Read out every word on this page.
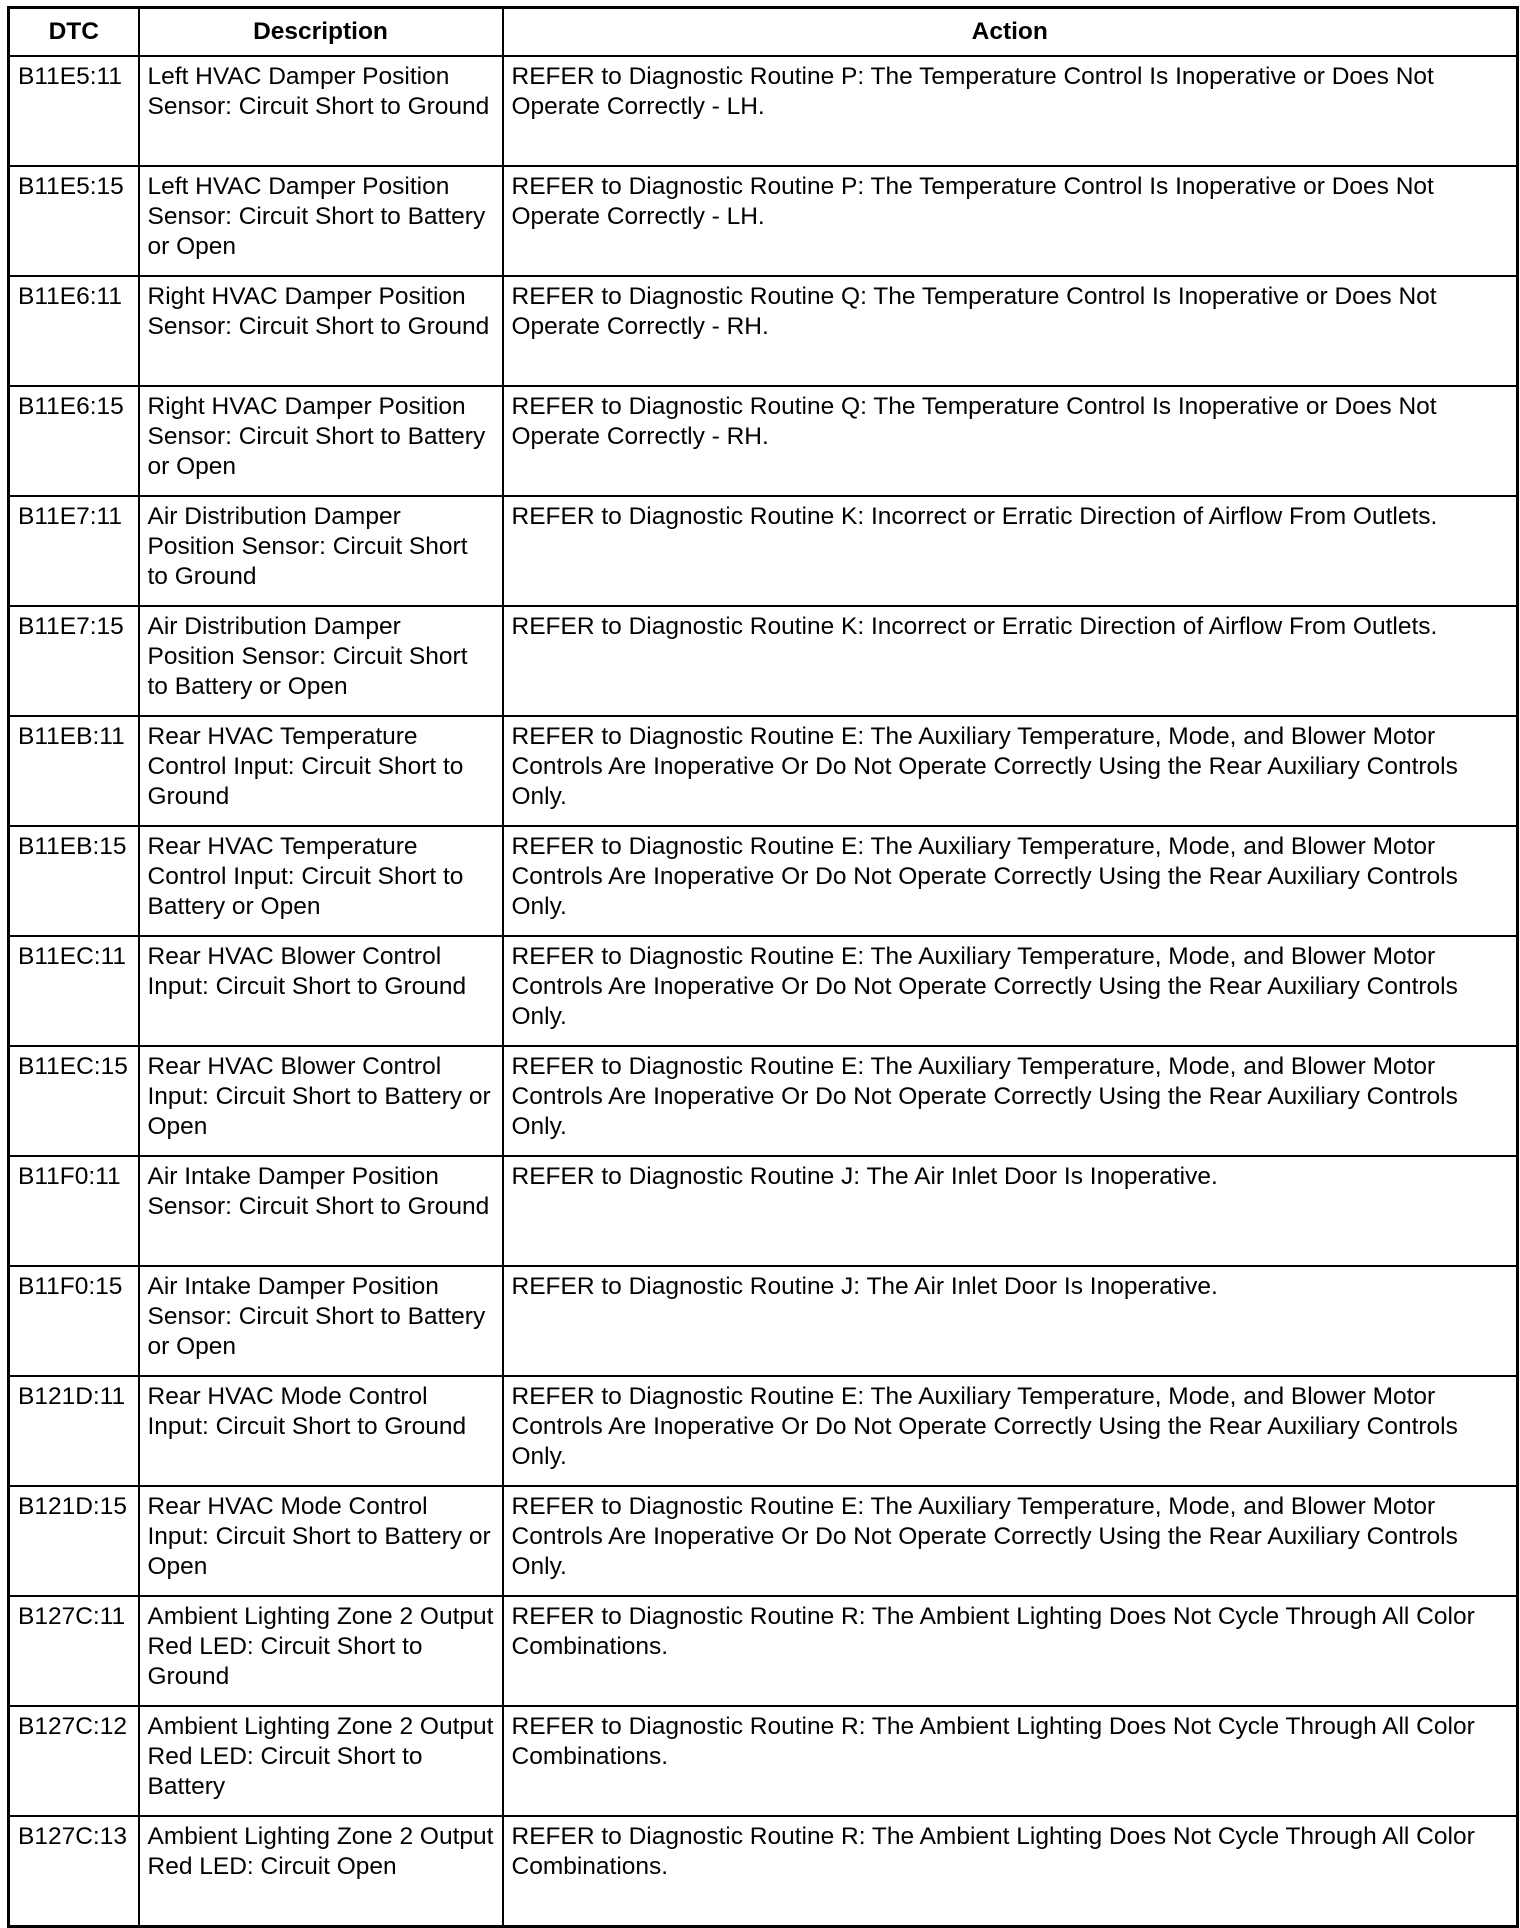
DTC	Description	Action
B11E5:11	Left HVAC Damper Position Sensor: Circuit Short to Ground	REFER to Diagnostic Routine P: The Temperature Control Is Inoperative or Does Not Operate Correctly - LH.
B11E5:15	Left HVAC Damper Position Sensor: Circuit Short to Battery or Open	REFER to Diagnostic Routine P: The Temperature Control Is Inoperative or Does Not Operate Correctly - LH.
B11E6:11	Right HVAC Damper Position Sensor: Circuit Short to Ground	REFER to Diagnostic Routine Q: The Temperature Control Is Inoperative or Does Not Operate Correctly - RH.
B11E6:15	Right HVAC Damper Position Sensor: Circuit Short to Battery or Open	REFER to Diagnostic Routine Q: The Temperature Control Is Inoperative or Does Not Operate Correctly - RH.
B11E7:11	Air Distribution Damper Position Sensor: Circuit Short to Ground	REFER to Diagnostic Routine K: Incorrect or Erratic Direction of Airflow From Outlets.
B11E7:15	Air Distribution Damper Position Sensor: Circuit Short to Battery or Open	REFER to Diagnostic Routine K: Incorrect or Erratic Direction of Airflow From Outlets.
B11EB:11	Rear HVAC Temperature Control Input: Circuit Short to Ground	REFER to Diagnostic Routine E: The Auxiliary Temperature, Mode, and Blower Motor Controls Are Inoperative Or Do Not Operate Correctly Using the Rear Auxiliary Controls Only.
B11EB:15	Rear HVAC Temperature Control Input: Circuit Short to Battery or Open	REFER to Diagnostic Routine E: The Auxiliary Temperature, Mode, and Blower Motor Controls Are Inoperative Or Do Not Operate Correctly Using the Rear Auxiliary Controls Only.
B11EC:11	Rear HVAC Blower Control Input: Circuit Short to Ground	REFER to Diagnostic Routine E: The Auxiliary Temperature, Mode, and Blower Motor Controls Are Inoperative Or Do Not Operate Correctly Using the Rear Auxiliary Controls Only.
B11EC:15	Rear HVAC Blower Control Input: Circuit Short to Battery or Open	REFER to Diagnostic Routine E: The Auxiliary Temperature, Mode, and Blower Motor Controls Are Inoperative Or Do Not Operate Correctly Using the Rear Auxiliary Controls Only.
B11F0:11	Air Intake Damper Position Sensor: Circuit Short to Ground	REFER to Diagnostic Routine J: The Air Inlet Door Is Inoperative.
B11F0:15	Air Intake Damper Position Sensor: Circuit Short to Battery or Open	REFER to Diagnostic Routine J: The Air Inlet Door Is Inoperative.
B121D:11	Rear HVAC Mode Control Input: Circuit Short to Ground	REFER to Diagnostic Routine E: The Auxiliary Temperature, Mode, and Blower Motor Controls Are Inoperative Or Do Not Operate Correctly Using the Rear Auxiliary Controls Only.
B121D:15	Rear HVAC Mode Control Input: Circuit Short to Battery or Open	REFER to Diagnostic Routine E: The Auxiliary Temperature, Mode, and Blower Motor Controls Are Inoperative Or Do Not Operate Correctly Using the Rear Auxiliary Controls Only.
B127C:11	Ambient Lighting Zone 2 Output Red LED: Circuit Short to Ground	REFER to Diagnostic Routine R: The Ambient Lighting Does Not Cycle Through All Color Combinations.
B127C:12	Ambient Lighting Zone 2 Output Red LED: Circuit Short to Battery	REFER to Diagnostic Routine R: The Ambient Lighting Does Not Cycle Through All Color Combinations.
B127C:13	Ambient Lighting Zone 2 Output Red LED: Circuit Open	REFER to Diagnostic Routine R: The Ambient Lighting Does Not Cycle Through All Color Combinations.
